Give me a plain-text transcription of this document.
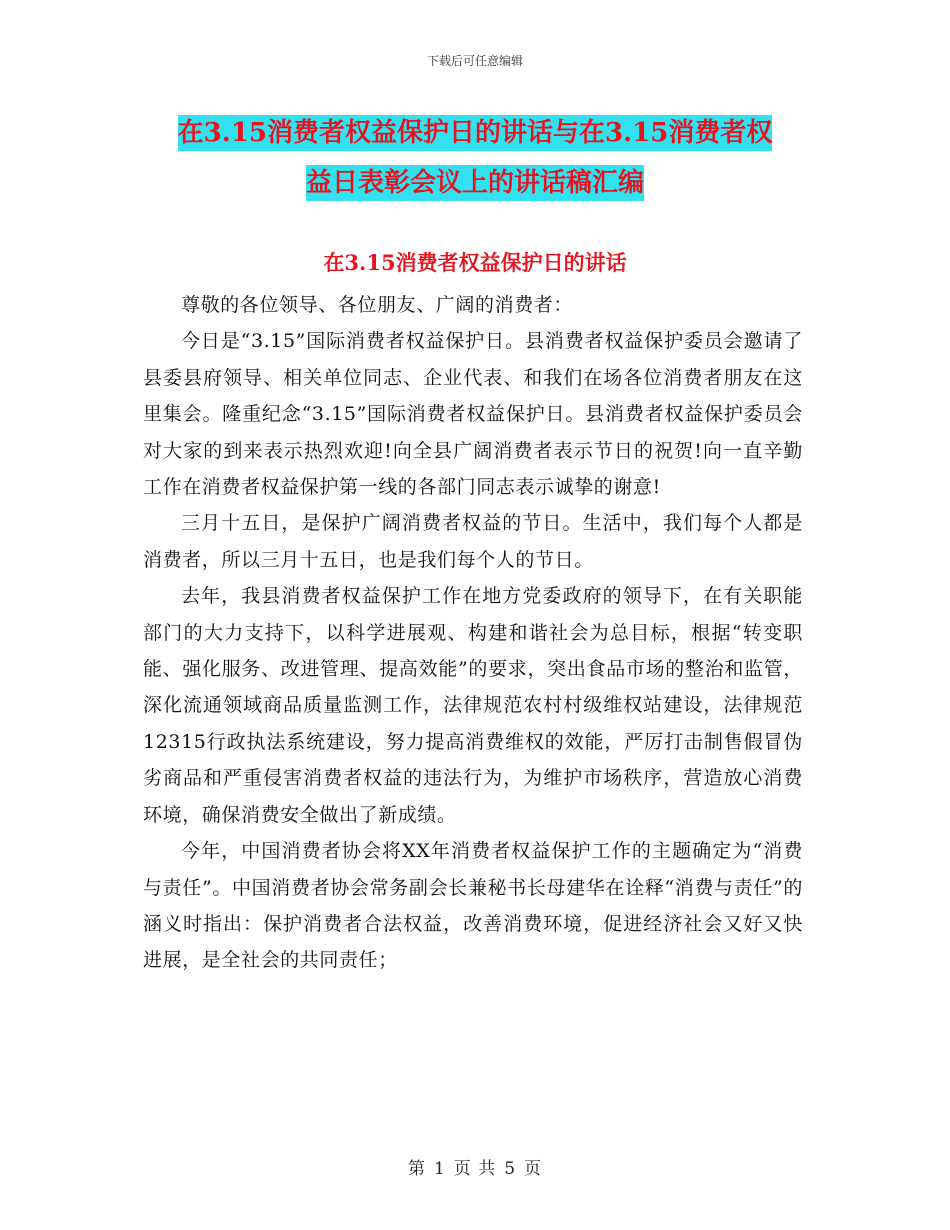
下载后可任意编辑
在3.15消费者权益保护日的讲话与在3.15消费者权
益日表彰会议上的讲话稿汇编
在3.15消费者权益保护日的讲话

尊敬的各位领导、各位朋友、广阔的消费者：

今日是“3.15”国际消费者权益保护日。县消费者权益保护委员会邀请了县委县府领导、相关单位同志、企业代表、和我们在场各位消费者朋友在这里集会。隆重纪念“3.15”国际消费者权益保护日。县消费者权益保护委员会对大家的到来表示热烈欢迎!向全县广阔消费者表示节日的祝贺!向一直辛勤工作在消费者权益保护第一线的各部门同志表示诚挚的谢意!

三月十五日，是保护广阔消费者权益的节日。生活中，我们每个人都是消费者，所以三月十五日，也是我们每个人的节日。

去年，我县消费者权益保护工作在地方党委政府的领导下，在有关职能部门的大力支持下，以科学进展观、构建和谐社会为总目标，根据“转变职能、强化服务、改进管理、提高效能”的要求，突出食品市场的整治和监管，深化流通领域商品质量监测工作，法律规范农村村级维权站建设，法律规范12315行政执法系统建设，努力提高消费维权的效能，严厉打击制售假冒伪劣商品和严重侵害消费者权益的违法行为，为维护市场秩序，营造放心消费环境，确保消费安全做出了新成绩。

今年，中国消费者协会将XX年消费者权益保护工作的主题确定为“消费与责任”。中国消费者协会常务副会长兼秘书长母建华在诠释“消费与责任”的涵义时指出：保护消费者合法权益，改善消费环境，促进经济社会又好又快进展，是全社会的共同责任；

第 1 页 共 5 页
